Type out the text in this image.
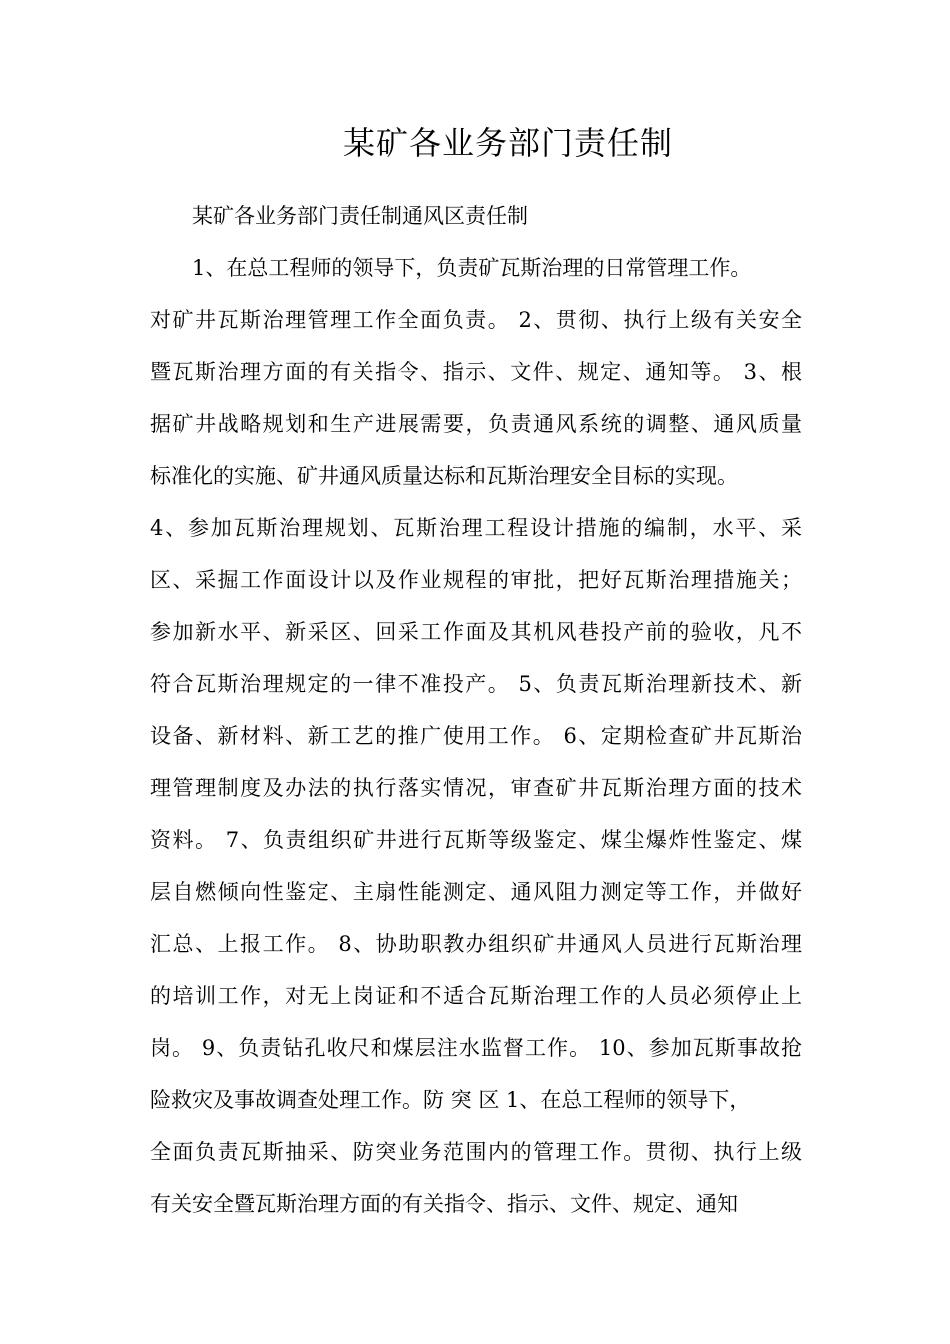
某矿各业务部门责任制
某矿各业务部门责任制通风区责任制
1、在总工程师的领导下，负责矿瓦斯治理的日常管理工作。
对矿井瓦斯治理管理工作全面负责。 2、贯彻、执行上级有关安全
暨瓦斯治理方面的有关指令、指示、文件、规定、通知等。 3、根
据矿井战略规划和生产进展需要，负责通风系统的调整、通风质量
标准化的实施、矿井通风质量达标和瓦斯治理安全目标的实现。
4、参加瓦斯治理规划、瓦斯治理工程设计措施的编制，水平、采
区、采掘工作面设计以及作业规程的审批，把好瓦斯治理措施关；
参加新水平、新采区、回采工作面及其机风巷投产前的验收，凡不
符合瓦斯治理规定的一律不准投产。 5、负责瓦斯治理新技术、新
设备、新材料、新工艺的推广使用工作。 6、定期检查矿井瓦斯治
理管理制度及办法的执行落实情况，审查矿井瓦斯治理方面的技术
资料。 7、负责组织矿井进行瓦斯等级鉴定、煤尘爆炸性鉴定、煤
层自燃倾向性鉴定、主扇性能测定、通风阻力测定等工作，并做好
汇总、上报工作。 8、协助职教办组织矿井通风人员进行瓦斯治理
的培训工作，对无上岗证和不适合瓦斯治理工作的人员必须停止上
岗。 9、负责钻孔收尺和煤层注水监督工作。 10、参加瓦斯事故抢
险救灾及事故调查处理工作。防 突 区 1、在总工程师的领导下，
全面负责瓦斯抽采、防突业务范围内的管理工作。贯彻、执行上级
有关安全暨瓦斯治理方面的有关指令、指示、文件、规定、通知
